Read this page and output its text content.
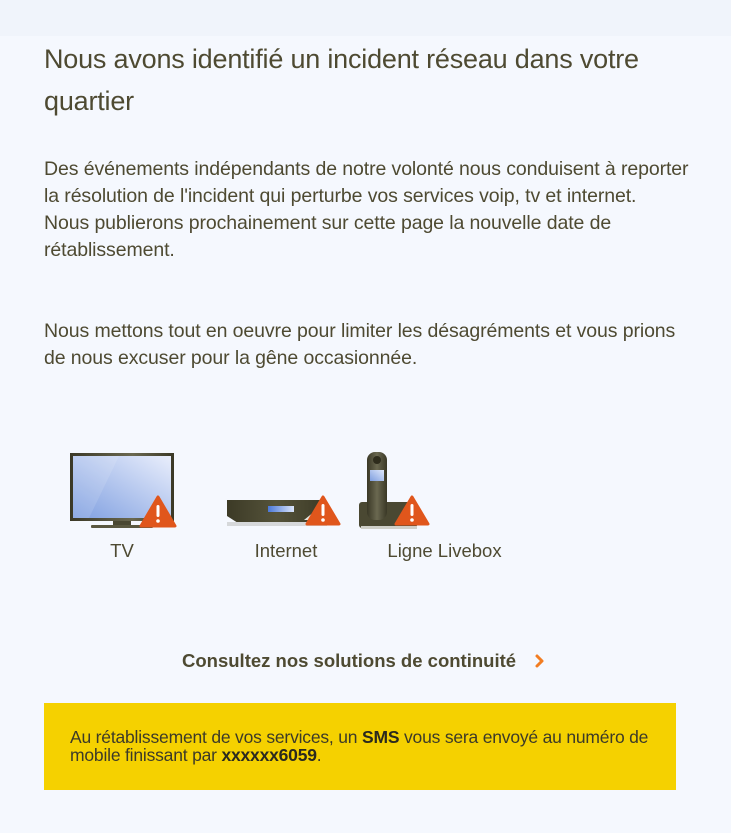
Nous avons identifié un incident réseau dans votre quartier
Des événements indépendants de notre volonté nous conduisent à reporter la résolution de l'incident qui perturbe vos services voip, tv et internet.
Nous publierons prochainement sur cette page la nouvelle date de rétablissement.

Nous mettons tout en oeuvre pour limiter les désagréments et vous prions de nous excuser pour la gêne occasionnée.

TV	Internet	Ligne Livebox
Consultez nos solutions de continuité
Au rétablissement de vos services, un SMS vous sera envoyé au numéro de mobile finissant par xxxxxx6059.
